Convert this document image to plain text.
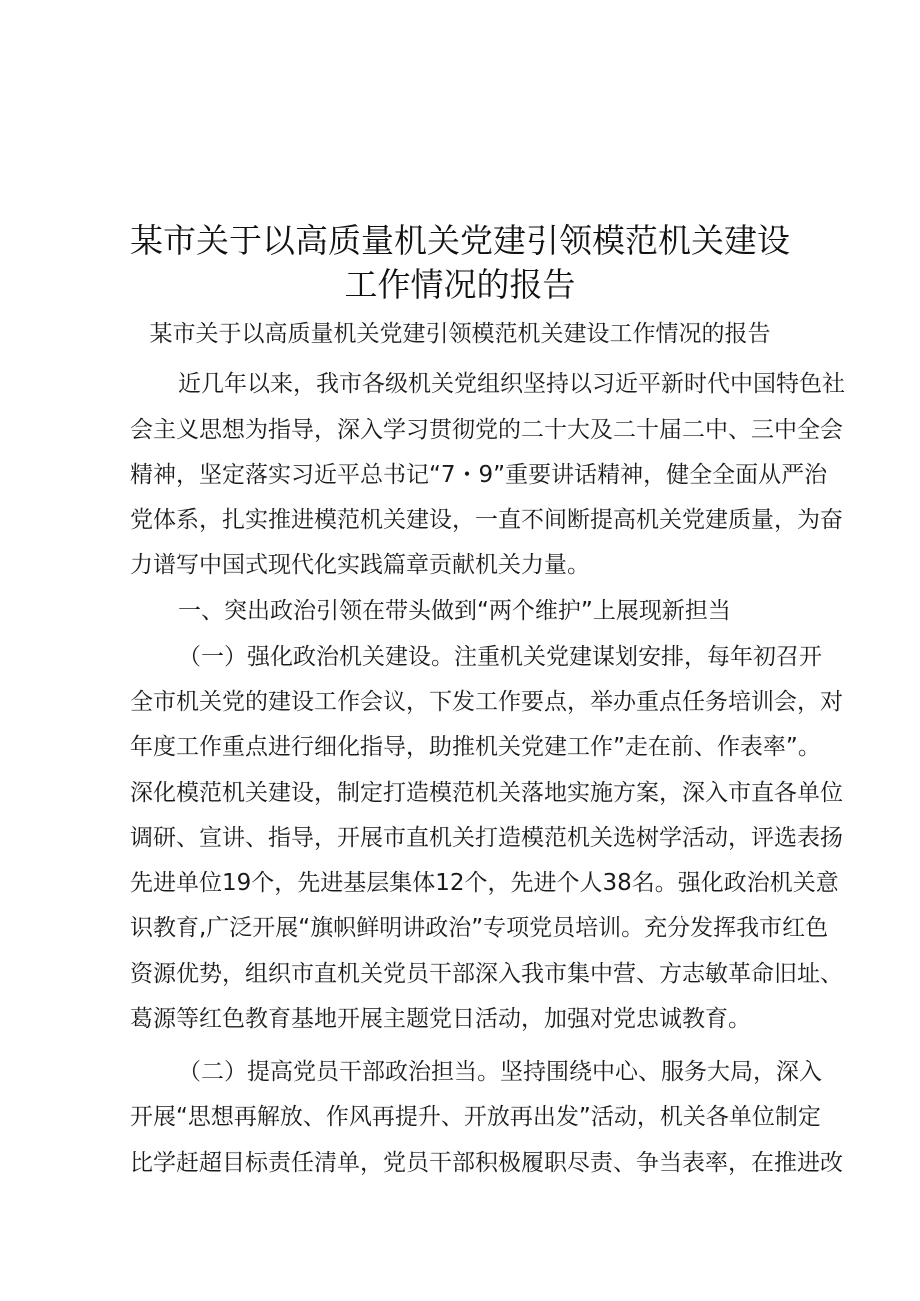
某市关于以高质量机关党建引领模范机关建设
工作情况的报告
某市关于以高质量机关党建引领模范机关建设工作情况的报告
近几年以来，我市各级机关党组织坚持以习近平新时代中国特色社
会主义思想为指导，深入学习贯彻党的二十大及二十届二中、三中全会
精神，坚定落实习近平总书记“7・9”重要讲话精神，健全全面从严治
党体系，扎实推进模范机关建设，一直不间断提高机关党建质量，为奋
力谱写中国式现代化实践篇章贡献机关力量。
一、突出政治引领在带头做到“两个维护”上展现新担当
（一）强化政治机关建设。注重机关党建谋划安排，每年初召开
全市机关党的建设工作会议，下发工作要点，举办重点任务培训会，对
年度工作重点进行细化指导，助推机关党建工作”走在前、作表率”。
深化模范机关建设，制定打造模范机关落地实施方案，深入市直各单位
调研、宣讲、指导，开展市直机关打造模范机关选树学活动，评选表扬
先进单位19个，先进基层集体12个，先进个人38名。强化政治机关意
识教育,广泛开展“旗帜鲜明讲政治”专项党员培训。充分发挥我市红色
资源优势，组织市直机关党员干部深入我市集中营、方志敏革命旧址、
葛源等红色教育基地开展主题党日活动，加强对党忠诚教育。
（二）提高党员干部政治担当。坚持围绕中心、服务大局，深入
开展“思想再解放、作风再提升、开放再出发”活动，机关各单位制定
比学赶超目标责任清单，党员干部积极履职尽责、争当表率，在推进改
